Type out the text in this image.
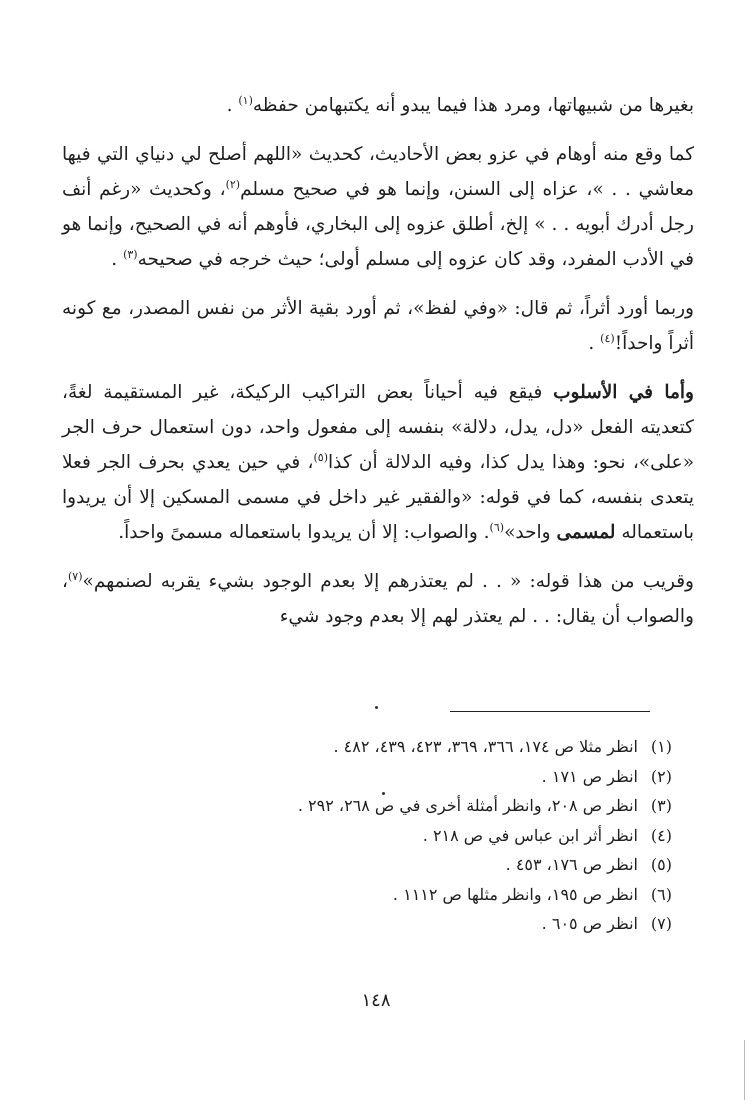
بغيرها من شبيهاتها، ومرد هذا فيما يبدو أنه يكتبهامن حفظه$^{(١)}$ .

كما وقع منه أوهام في عزو بعض الأحاديث، كحديث «اللهم أصلح لي دنياي التي فيها معاشي . . »، عزاه إلى السنن، وإنما هو في صحيح مسلم$^{(٢)}$، وكحديث «رغم أنف رجل أدرك أبويه . . » إلخ، أطلق عزوه إلى البخاري، فأوهم أنه في الصحيح، وإنما هو في الأدب المفرد، وقد كان عزوه إلى مسلم أولى؛ حيث خرجه في صحيحه$^{(٣)}$ .

وربما أورد أثراً، ثم قال: «وفي لفظ»، ثم أورد بقية الأثر من نفس المصدر، مع كونه أثراً واحداً!$^{(٤)}$ .

وأما في الأسلوب فيقع فيه أحياناً بعض التراكيب الركيكة، غير المستقيمة لغةً، كتعديته الفعل «دل، يدل، دلالة» بنفسه إلى مفعول واحد، دون استعمال حرف الجر «على»، نحو: وهذا يدل كذا، وفيه الدلالة أن كذا$^{(٥)}$، في حين يعدي بحرف الجر فعلا يتعدى بنفسه، كما في قوله: «والفقير غير داخل في مسمى المسكين إلا أن يريدوا باستعماله لمسمى واحد»$^{(٦)}$. والصواب: إلا أن يريدوا باستعماله مسمىً واحداً.

وقريب من هذا قوله: « . . لم يعتذرهم إلا بعدم الوجود بشيء يقربه لصنمهم»$^{(٧)}$، والصواب أن يقال: . . لم يعتذر لهم إلا بعدم وجود شيء

(١)انظر مثلا ص ١٧٤، ٣٦٦، ٣٦٩، ٤٢٣، ٤٣٩، ٤٨٢ .
(٢)انظر ص ١٧١ .
(٣)انظر ص ٢٠٨، وانظر أمثلة أخرى في ص ٢٦٨، ٢٩٢ .
(٤)انظر أثر ابن عباس في ص ٢١٨ .
(٥)انظر ص ١٧٦، ٤٥٣ .
(٦)انظر ص ١٩٥، وانظر مثلها ص ١١١٢ .
(٧)انظر ص ٦٠٥ .
١٤٨
